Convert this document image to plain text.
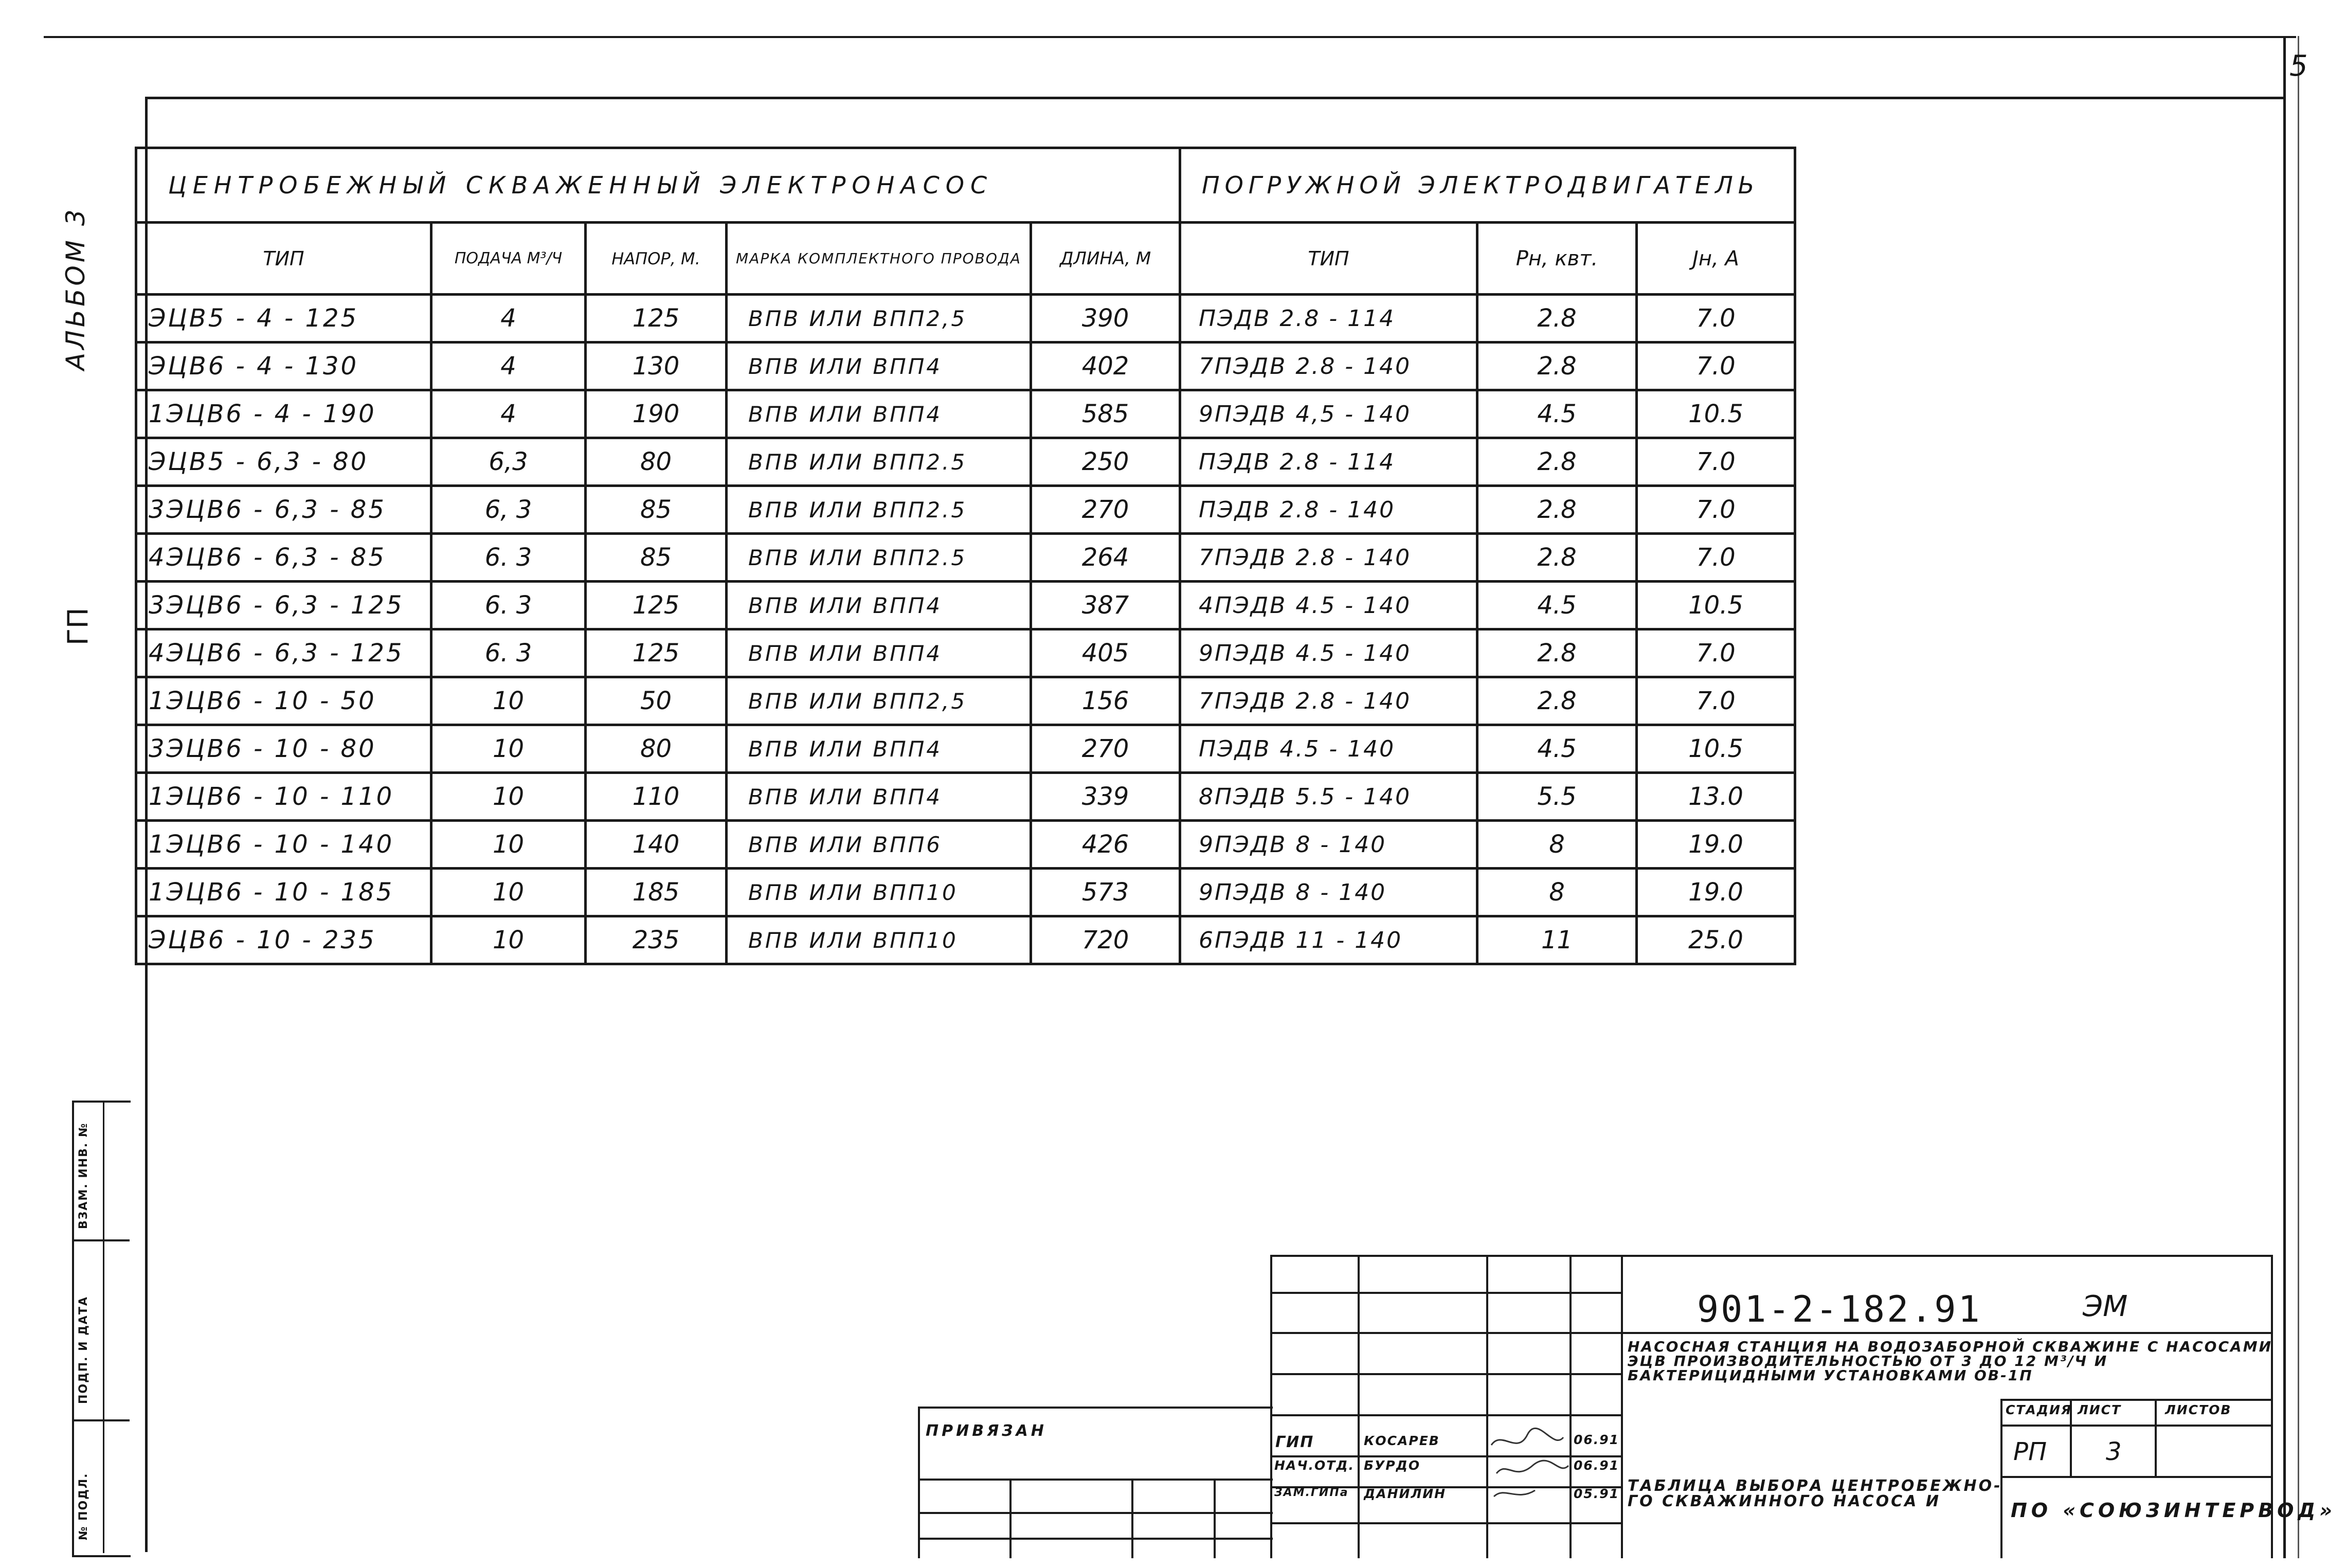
5
АЛЬБОМ 3
ГП
ЦЕНТРОБЕЖНЫЙ СКВАЖЕННЫЙ ЭЛЕКТРОНАСОС					ПОГРУЖНОЙ ЭЛЕКТРОДВИГАТЕЛЬ		
ТИП	ПОДАЧА М³/Ч	НАПОР, М.	МАРКА КОМПЛЕКТНОГО ПРОВОДА	ДЛИНА, М	ТИП	Рн, квт.	Jн, А
ЭЦВ5 - 4 - 125	4	125	ВПВ ИЛИ ВПП2,5	390	ПЭДВ 2.8 - 114	2.8	7.0
ЭЦВ6 - 4 - 130	4	130	ВПВ ИЛИ ВПП4	402	7ПЭДВ 2.8 - 140	2.8	7.0
1ЭЦВ6 - 4 - 190	4	190	ВПВ ИЛИ ВПП4	585	9ПЭДВ 4,5 - 140	4.5	10.5
ЭЦВ5 - 6,3 - 80	6,3	80	ВПВ ИЛИ ВПП2.5	250	ПЭДВ 2.8 - 114	2.8	7.0
3ЭЦВ6 - 6,3 - 85	6, 3	85	ВПВ ИЛИ ВПП2.5	270	ПЭДВ 2.8 - 140	2.8	7.0
4ЭЦВ6 - 6,3 - 85	6. 3	85	ВПВ ИЛИ ВПП2.5	264	7ПЭДВ 2.8 - 140	2.8	7.0
3ЭЦВ6 - 6,3 - 125	6. 3	125	ВПВ ИЛИ ВПП4	387	4ПЭДВ 4.5 - 140	4.5	10.5
4ЭЦВ6 - 6,3 - 125	6. 3	125	ВПВ ИЛИ ВПП4	405	9ПЭДВ 4.5 - 140	2.8	7.0
1ЭЦВ6 - 10 - 50	10	50	ВПВ ИЛИ ВПП2,5	156	7ПЭДВ 2.8 - 140	2.8	7.0
3ЭЦВ6 - 10 - 80	10	80	ВПВ ИЛИ ВПП4	270	ПЭДВ 4.5 - 140	4.5	10.5
1ЭЦВ6 - 10 - 110	10	110	ВПВ ИЛИ ВПП4	339	8ПЭДВ 5.5 - 140	5.5	13.0
1ЭЦВ6 - 10 - 140	10	140	ВПВ ИЛИ ВПП6	426	9ПЭДВ 8 - 140	8	19.0
1ЭЦВ6 - 10 - 185	10	185	ВПВ ИЛИ ВПП10	573	9ПЭДВ 8 - 140	8	19.0
ЭЦВ6 - 10 - 235	10	235	ВПВ ИЛИ ВПП10	720	6ПЭДВ 11 - 140	11	25.0
ВЗАМ. ИНВ. №
ПОДП. И ДАТА
№ ПОДЛ.
ПРИВЯЗАН
ГИП	КОСАРЕВ	06.91
НАЧ.ОТД. БУРДО	06.91
ЗАМ.ГИПа ДАНИЛИН	05.91
901-2-182.91	ЭМ
НАСОСНАЯ СТАНЦИЯ НА ВОДОЗАБОРНОЙ СКВАЖИНЕ С НАСОСАМИ ЭЦВ ПРОИЗВОДИТЕЛЬНОСТЬЮ ОТ 3 ДО 12 М³/Ч И БАКТЕРИЦИДНЫМИ УСТАНОВКАМИ ОВ-1П
СТАДИЯ ЛИСТ	ЛИСТОВ
РП 3
ТАБЛИЦА ВЫБОРА ЦЕНТРОБЕЖНО-
ГО СКВАЖИННОГО НАСОСА И	ПО «СОЮЗИНТЕРВОД»
